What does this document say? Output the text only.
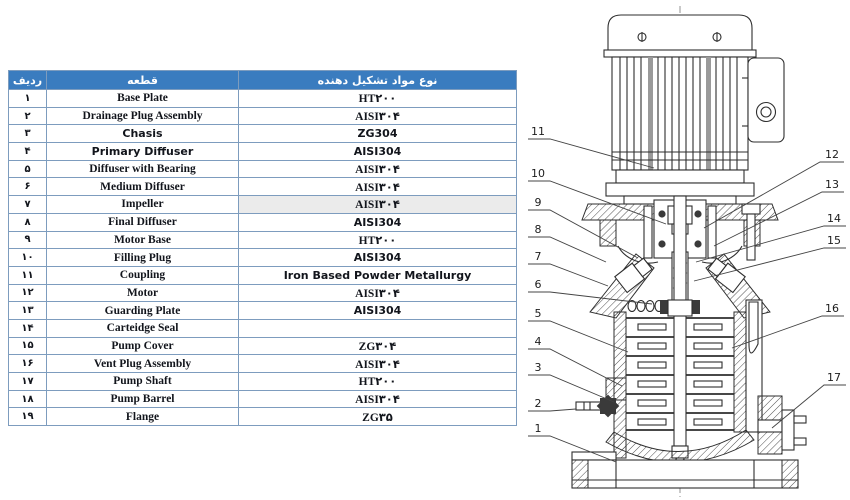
ردیف	قطعه	نوع مواد تشکیل دهنده
۱	Base Plate	HT۲۰۰
۲	Drainage Plug Assembly	AISI۳۰۴
۳	Chasis	ZG304
۴	Primary Diffuser	AISI304
۵	Diffuser with Bearing	AISI۳۰۴
۶	Medium Diffuser	AISI۳۰۴
۷	Impeller	AISI۳۰۴
۸	Final Diffuser	AISI304
۹	Motor Base	HT۲۰۰
۱۰	Filling Plug	AISI304
۱۱	Coupling	Iron Based Powder Metallurgy
۱۲	Motor	AISI۳۰۴
۱۳	Guarding Plate	AISI304
۱۴	Carteidge Seal	
۱۵	Pump Cover	ZG۳۰۴
۱۶	Vent Plug Assembly	AISI۳۰۴
۱۷	Pump Shaft	HT۲۰۰
۱۸	Pump Barrel	AISI۳۰۴
۱۹	Flange	ZG۳۵
1
2
3
4
5
6
7
8
9
10
11
12
13
14
15
16
17
